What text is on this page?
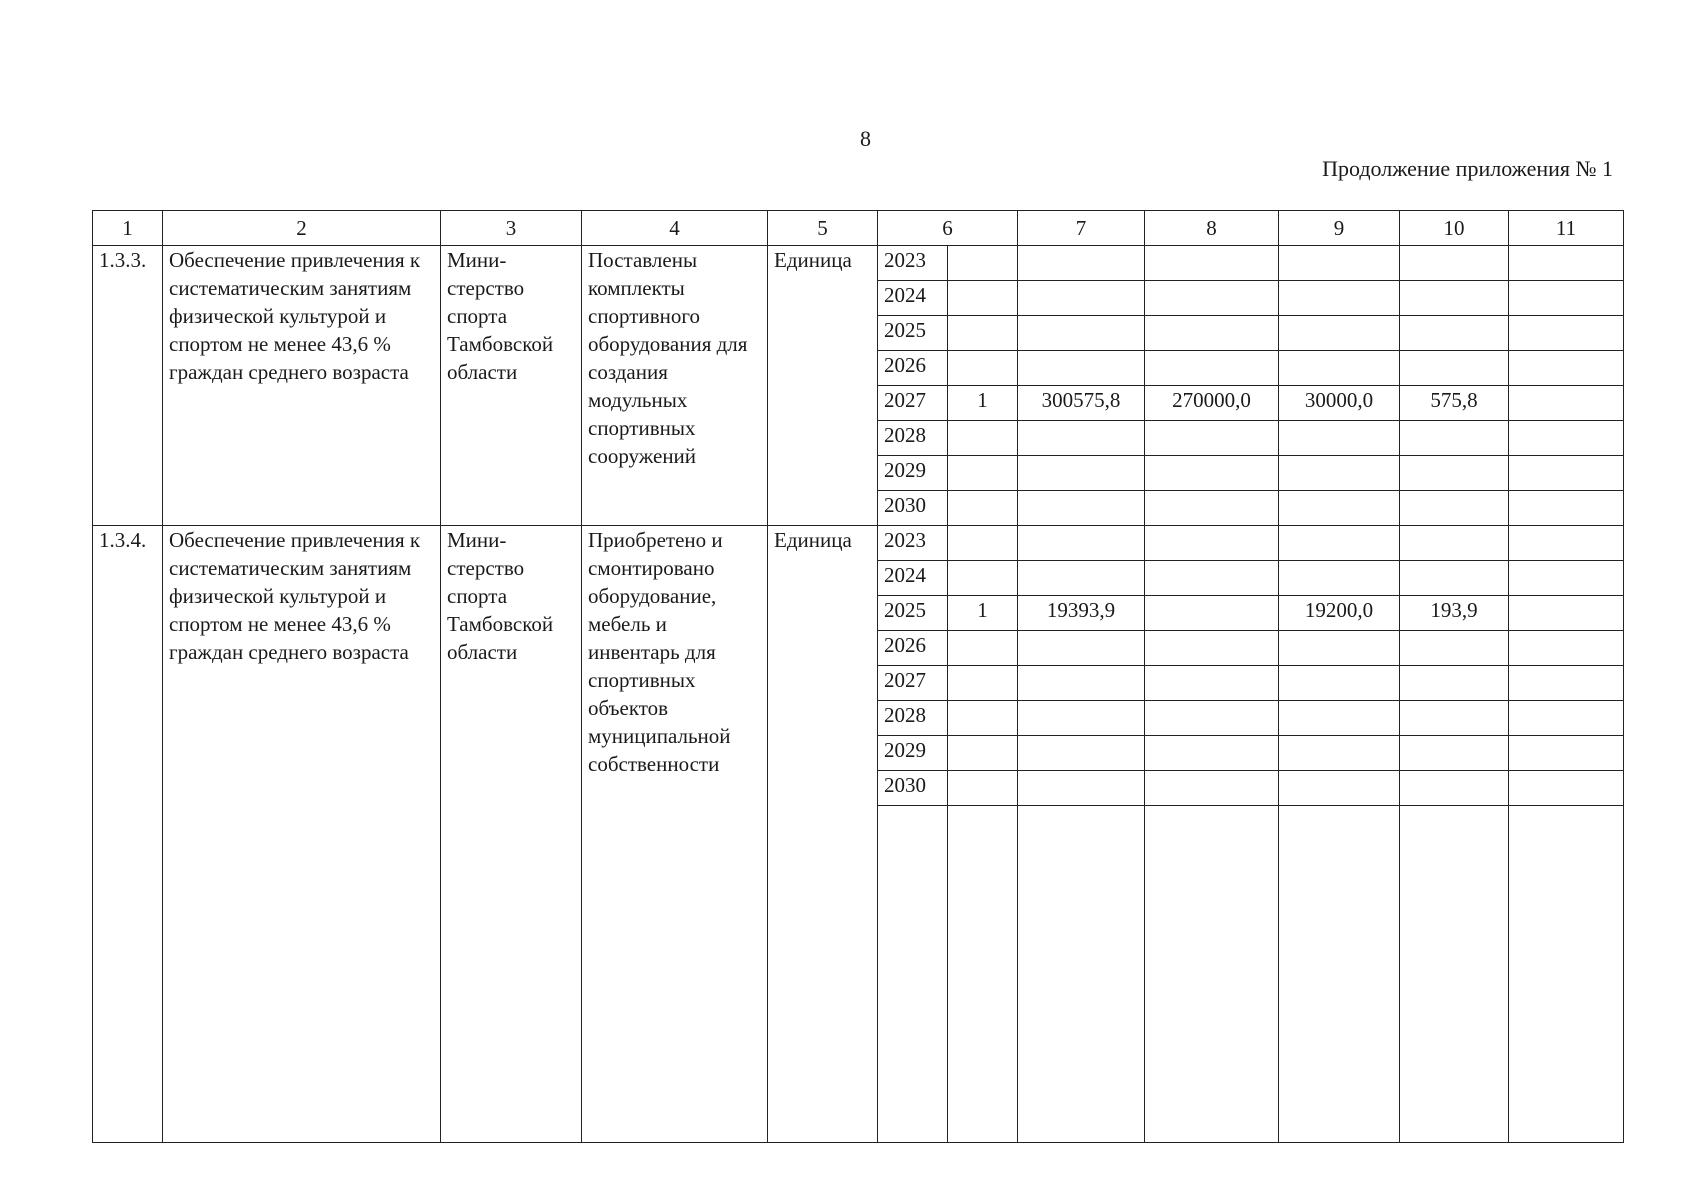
8
Продолжение приложения № 1
1	2	3	4	5	6		7	8	9	10	11
1.3.3.	Обеспечение привлечения к систематическим занятиям физической культурой и спортом не менее 43,6 % граждан среднего возраста	Мини-стерство спорта Тамбовской области	Поставлены комплекты спортивного оборудования для создания модульных спортивных сооружений	Единица	2023						
					2024						
					2025						
					2026						
					2027	1	300575,8	270000,0	30000,0	575,8	
					2028						
					2029						
					2030						
1.3.4.	Обеспечение привлечения к систематическим занятиям физической культурой и спортом не менее 43,6 % граждан среднего возраста	Мини-стерство спорта Тамбовской области	Приобретено и смонтировано оборудование, мебель и инвентарь для спортивных объектов муниципальной собственности	Единица	2023						
					2024						
					2025	1	19393,9		19200,0	193,9	
					2026						
					2027						
					2028						
					2029						
					2030						
